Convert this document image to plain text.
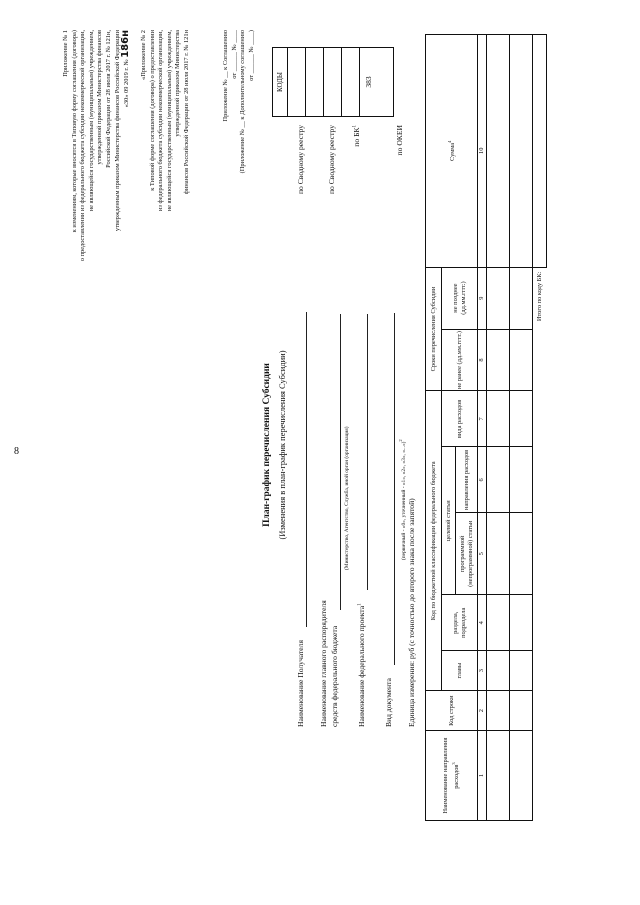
8
Приложение № 1 к изменениям, которые вносятся в Типовую форму соглашения (договора) о предоставлении из федерального бюджета субсидии некоммерческой организации, не являющейся государственным (муниципальным) учреждением, утвержденной приказом Министерства финансов Российской Федерации от 28 июля 2017 г. № 121н, утвержденным приказом Министерства финансов Российской Федерации «30» 09 2019 г. № 186н «Приложение № 2 к Типовой форме соглашения (договора) о предоставлении из федерального бюджета субсидии некоммерческой организации, не являющейся государственным (муниципальным) учреждением, утвержденной приказом Министерства финансов Российской Федерации от 28 июля 2017 г. № 121н	Приложение № __ к Соглашению от ______ № ____ (Приложение № __ к Дополнительному соглашению от ______ № ____)
КОДЫ	383
по Сводному реестру	по Сводному реестру по $БК^1$	по ОКЕИ
План-график перечисления Субсидии (Изменения в план-график перечисления Субсидии)
Наименование Получателя Наименование главного распорядителя средств федерального бюджета
(Министерство, Агентство, Служба, иной орган (организация)
Наименование федерального проекта$^1$
Вид документа
(первичный - «0», уточненный - «1», «2», «3», «...»)$^2$
Единица измерения: руб (с точностью до второго знака после запятой)
Наименование направления расходов$^3$	Код строки	Код по бюджетной классификации федерального бюджета					Сроки перечисления Субсидии		Сумма$^4$
		главы	раздела, подраздела	целевой статьи		вида расходов	не ранее (дд.мм.гггг.)	не позднее (дд.мм.гггг.)	
				программной (непрограммной) статьи	направления расходов				
1	2	3	4	5	6	7	8	9	10

Итого по коду БК:									
